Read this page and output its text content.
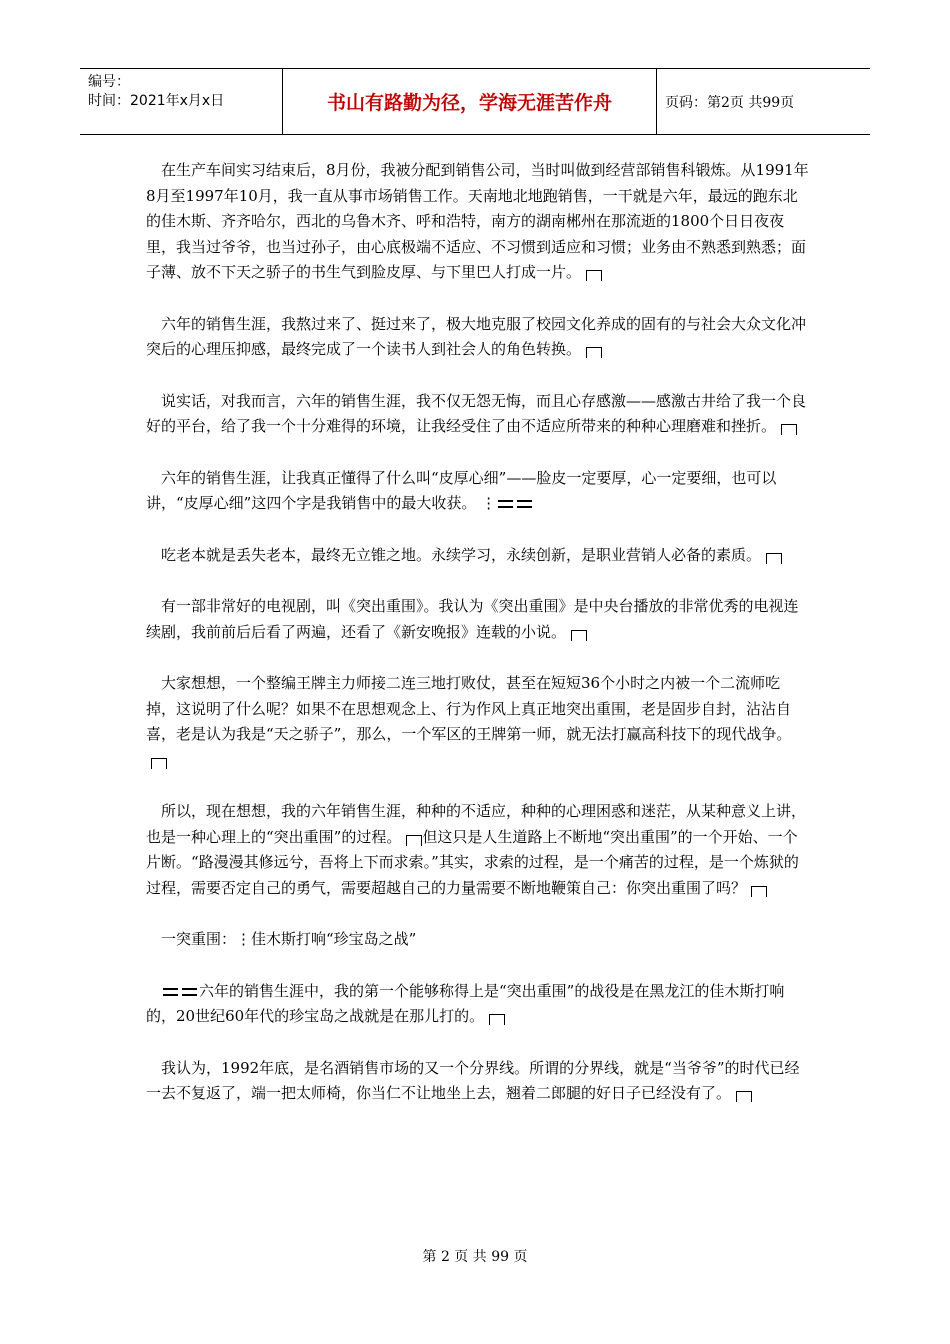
编号：
时间：2021年x月x日	书山有路勤为径，学海无涯苦作舟	页码：第2页 共99页

在生产车间实习结束后，8月份，我被分配到销售公司，当时叫做到经营部销售科锻炼。从1991年8月至1997年10月，我一直从事市场销售工作。天南地北地跑销售，一干就是六年，最远的跑东北的佳木斯、齐齐哈尔，西北的乌鲁木齐、呼和浩特，南方的湖南郴州在那流逝的1800个日日夜夜里，我当过爷爷，也当过孙子，由心底极端不适应、不习惯到适应和习惯；业务由不熟悉到熟悉；面子薄、放不下天之骄子的书生气到脸皮厚、与下里巴人打成一片。

六年的销售生涯，我熬过来了、挺过来了，极大地克服了校园文化养成的固有的与社会大众文化冲突后的心理压抑感，最终完成了一个读书人到社会人的角色转换。

说实话，对我而言，六年的销售生涯，我不仅无怨无悔，而且心存感激——感激古井给了我一个良好的平台，给了我一个十分难得的环境，让我经受住了由不适应所带来的种种心理磨难和挫折。

六年的销售生涯，让我真正懂得了什么叫“皮厚心细”——脸皮一定要厚，心一定要细，也可以讲，“皮厚心细”这四个字是我销售中的最大收获。 ⋮

吃老本就是丢失老本，最终无立锥之地。永续学习，永续创新，是职业营销人必备的素质。

有一部非常好的电视剧，叫《突出重围》。我认为《突出重围》是中央台播放的非常优秀的电视连续剧，我前前后后看了两遍，还看了《新安晚报》连载的小说。

大家想想，一个整编王牌主力师接二连三地打败仗，甚至在短短36个小时之内被一个二流师吃掉，这说明了什么呢？如果不在思想观念上、行为作风上真正地突出重围，老是固步自封，沾沾自喜，老是认为我是“天之骄子”，那么，一个军区的王牌第一师，就无法打赢高科技下的现代战争。

所以，现在想想，我的六年销售生涯，种种的不适应，种种的心理困惑和迷茫，从某种意义上讲，也是一种心理上的“突出重围”的过程。 但这只是人生道路上不断地“突出重围”的一个开始、一个片断。“路漫漫其修远兮，吾将上下而求索。”其实，求索的过程，是一个痛苦的过程，是一个炼狱的过程，需要否定自己的勇气，需要超越自己的力量需要不断地鞭策自己：你突出重围了吗？

一突重围：⋮佳木斯打响“珍宝岛之战”

六年的销售生涯中，我的第一个能够称得上是“突出重围”的战役是在黑龙江的佳木斯打响的，20世纪60年代的珍宝岛之战就是在那儿打的。

我认为，1992年底，是名酒销售市场的又一个分界线。所谓的分界线，就是“当爷爷”的时代已经一去不复返了，端一把太师椅，你当仁不让地坐上去，翘着二郎腿的好日子已经没有了。

第 2 页 共 99 页
